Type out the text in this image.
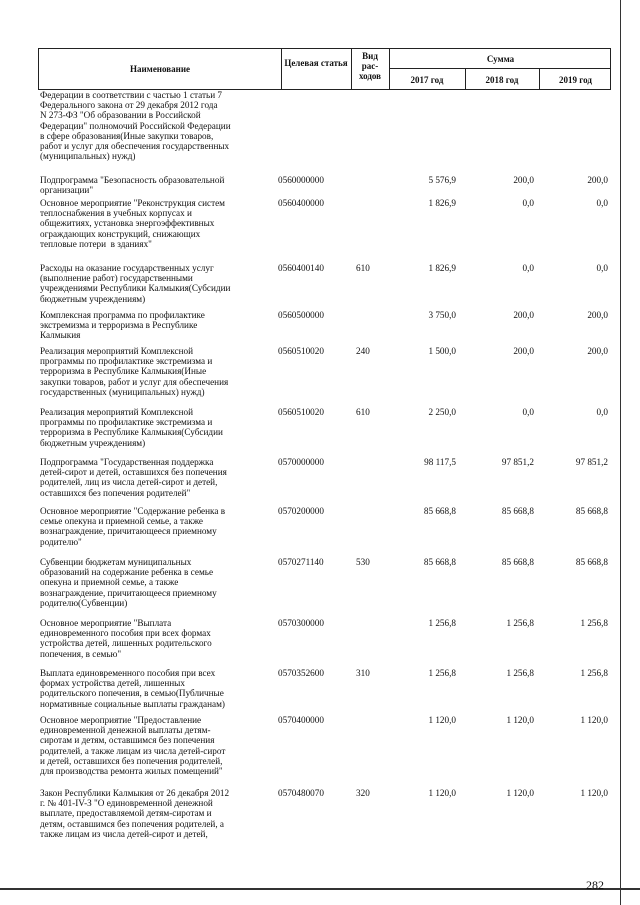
Наименование
Целевая статья
Вид
рас-
ходов
Сумма
2017 год	2018 год	2019 год
Федерации в соответствии с частью 1 статьи 7
Федерального закона от 29 декабря 2012 года
N 273-ФЗ "Об образовании в Российской
Федерации" полномочий Российской Федерации
в сфере образования(Иные закупки товаров,
работ и услуг для обеспечения государственных
(муниципальных) нужд)
Подпрограмма "Безопасность образовательной
организации"
0560000000	5 576,9	200,0	200,0
Основное мероприятие "Реконструкция систем
теплоснабжения в учебных корпусах и
общежитиях, установка энергоэффективных
ограждающих конструкций, снижающих
тепловые потери  в зданиях"
0560400000	1 826,9	0,0	0,0
Расходы на оказание государственных услуг
(выполнение работ) государственными
учреждениями Республики Калмыкия(Субсидии
бюджетным учреждениям)
0560400140	610	1 826,9	0,0	0,0
Комплексная программа по профилактике
экстремизма и терроризма в Республике
Калмыкия
0560500000	3 750,0	200,0	200,0
Реализация мероприятий Комплексной
программы по профилактике экстремизма и
терроризма в Республике Калмыкия(Иные
закупки товаров, работ и услуг для обеспечения
государственных (муниципальных) нужд)
0560510020	240	1 500,0	200,0	200,0
Реализация мероприятий Комплексной
программы по профилактике экстремизма и
терроризма в Республике Калмыкия(Субсидии
бюджетным учреждениям)
0560510020	610	2 250,0	0,0	0,0
Подпрограмма "Государственная поддержка
детей-сирот и детей, оставшихся без попечения
родителей, лиц из числа детей-сирот и детей,
оставшихся без попечения родителей"
0570000000	98 117,5	97 851,2	97 851,2
Основное мероприятие "Содержание ребенка в
семье опекуна и приемной семье, а также
вознаграждение, причитающееся приемному
родителю"
0570200000	85 668,8	85 668,8	85 668,8
Субвенции бюджетам муниципальных
образований на содержание ребенка в семье
опекуна и приемной семье, а также
вознаграждение, причитающееся приемному
родителю(Субвенции)
0570271140	530	85 668,8	85 668,8	85 668,8
Основное мероприятие "Выплата
единовременного пособия при всех формах
устройства детей, лишенных родительского
попечения, в семью"
0570300000	1 256,8	1 256,8	1 256,8
Выплата единовременного пособия при всех
формах устройства детей, лишенных
родительского попечения, в семью(Публичные
нормативные социальные выплаты гражданам)
0570352600	310	1 256,8	1 256,8	1 256,8
Основное мероприятие "Предоставление
единовременной денежной выплаты детям-
сиротам и детям, оставшимся без попечения
родителей, а также лицам из числа детей-сирот
и детей, оставшихся без попечения родителей,
для производства ремонта жилых помещений"
0570400000	1 120,0	1 120,0	1 120,0
Закон Республики Калмыкия от 26 декабря 2012
г. № 401-IV-З "О единовременной денежной
выплате, предоставляемой детям-сиротам и
детям, оставшимся без попечения родителей, а
также лицам из числа детей-сирот и детей,
0570480070	320	1 120,0	1 120,0	1 120,0
282
